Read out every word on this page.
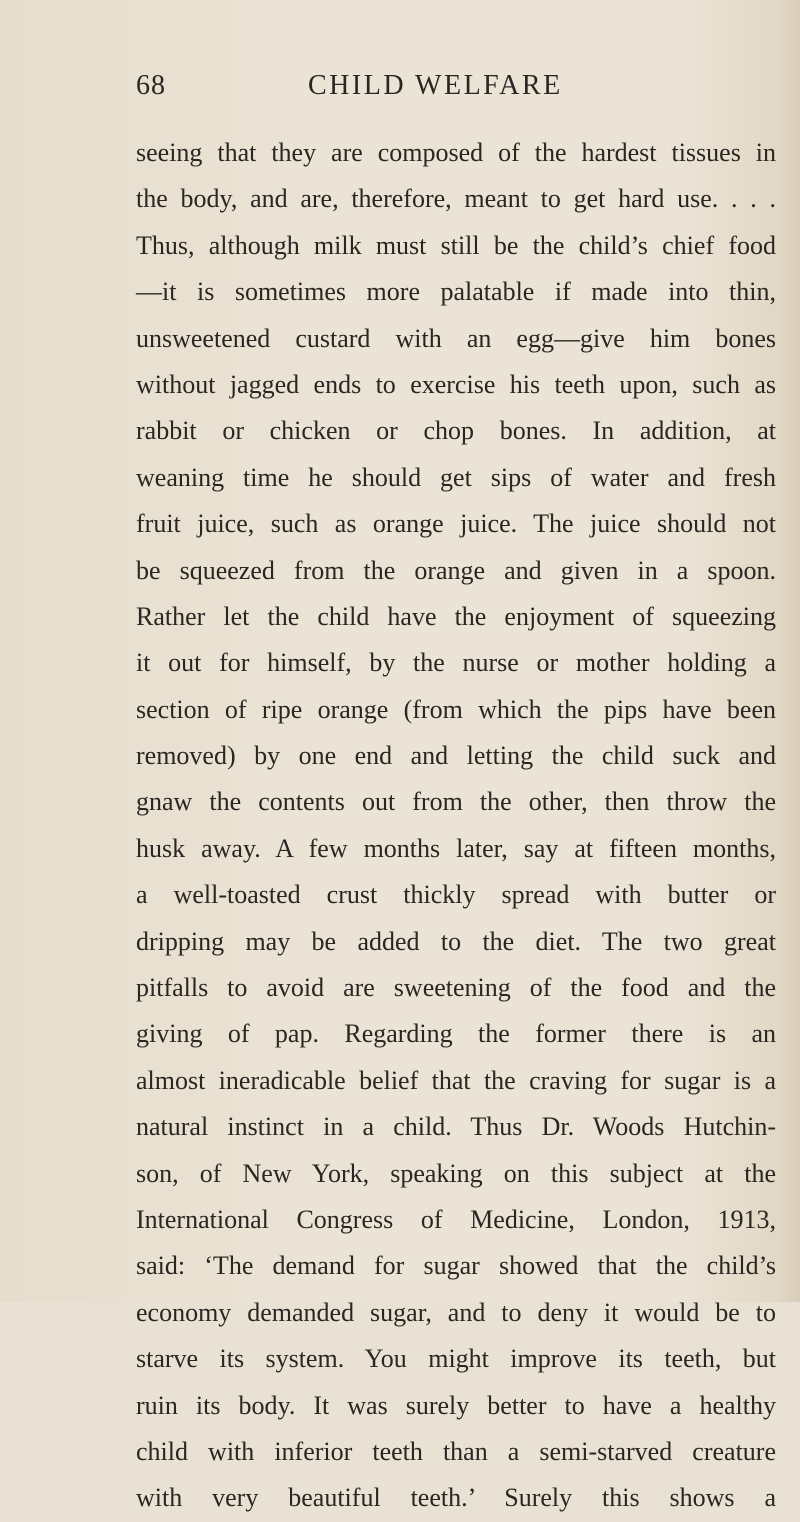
68	CHILD WELFARE
seeing that they are composed of the hardest tissues in
the body, and are, therefore, meant to get hard use. . . .
Thus, although milk must still be the child’s chief food
—it is sometimes more palatable if made into thin,
unsweetened custard with an egg—give him bones
without jagged ends to exercise his teeth upon, such as
rabbit or chicken or chop bones. In addition, at
weaning time he should get sips of water and fresh
fruit juice, such as orange juice. The juice should not
be squeezed from the orange and given in a spoon.
Rather let the child have the enjoyment of squeezing
it out for himself, by the nurse or mother holding a
section of ripe orange (from which the pips have been
removed) by one end and letting the child suck and
gnaw the contents out from the other, then throw the
husk away. A few months later, say at fifteen months,
a well-toasted crust thickly spread with butter or
dripping may be added to the diet. The two great
pitfalls to avoid are sweetening of the food and the
giving of pap. Regarding the former there is an
almost ineradicable belief that the craving for sugar is a
natural instinct in a child. Thus Dr. Woods Hutchin-
son, of New York, speaking on this subject at the
International Congress of Medicine, London, 1913,
said: ‘The demand for sugar showed that the child’s
economy demanded sugar, and to deny it would be to
starve its system. You might improve its teeth, but
ruin its body. It was surely better to have a healthy
child with inferior teeth than a semi-starved creature
with very beautiful teeth.’ Surely this shows a
